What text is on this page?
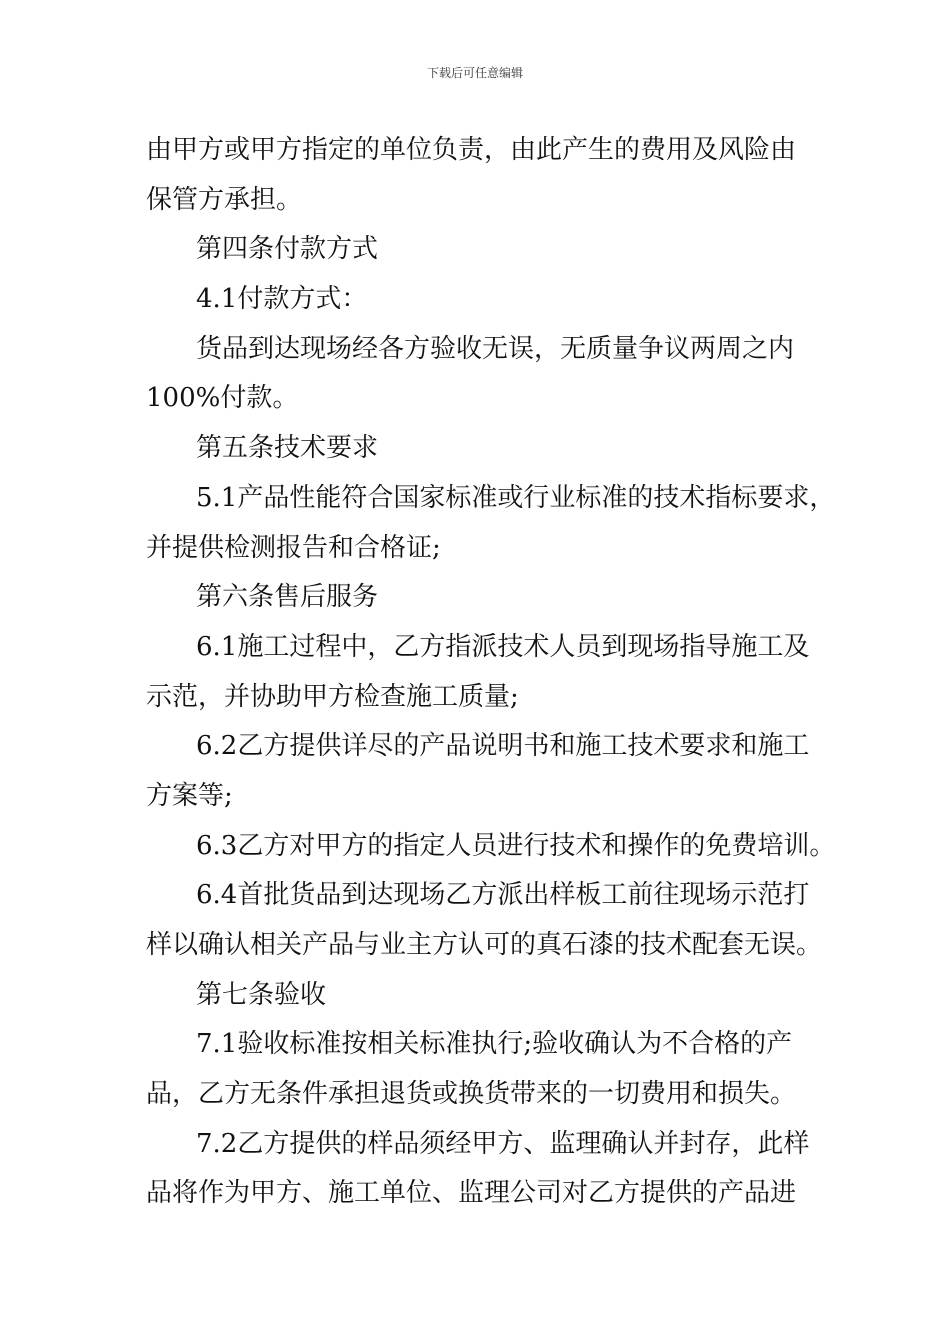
下载后可任意编辑
由甲方或甲方指定的单位负责，由此产生的费用及风险由
保管方承担。
第四条付款方式
4.1付款方式：
货品到达现场经各方验收无误，无质量争议两周之内
100%付款。
第五条技术要求
5.1产品性能符合国家标准或行业标准的技术指标要求，
并提供检测报告和合格证;
第六条售后服务
6.1施工过程中，乙方指派技术人员到现场指导施工及
示范，并协助甲方检查施工质量;
6.2乙方提供详尽的产品说明书和施工技术要求和施工
方案等;
6.3乙方对甲方的指定人员进行技术和操作的免费培训。
6.4首批货品到达现场乙方派出样板工前往现场示范打
样以确认相关产品与业主方认可的真石漆的技术配套无误。
第七条验收
7.1验收标准按相关标准执行;验收确认为不合格的产
品，乙方无条件承担退货或换货带来的一切费用和损失。
7.2乙方提供的样品须经甲方、监理确认并封存，此样
品将作为甲方、施工单位、监理公司对乙方提供的产品进
